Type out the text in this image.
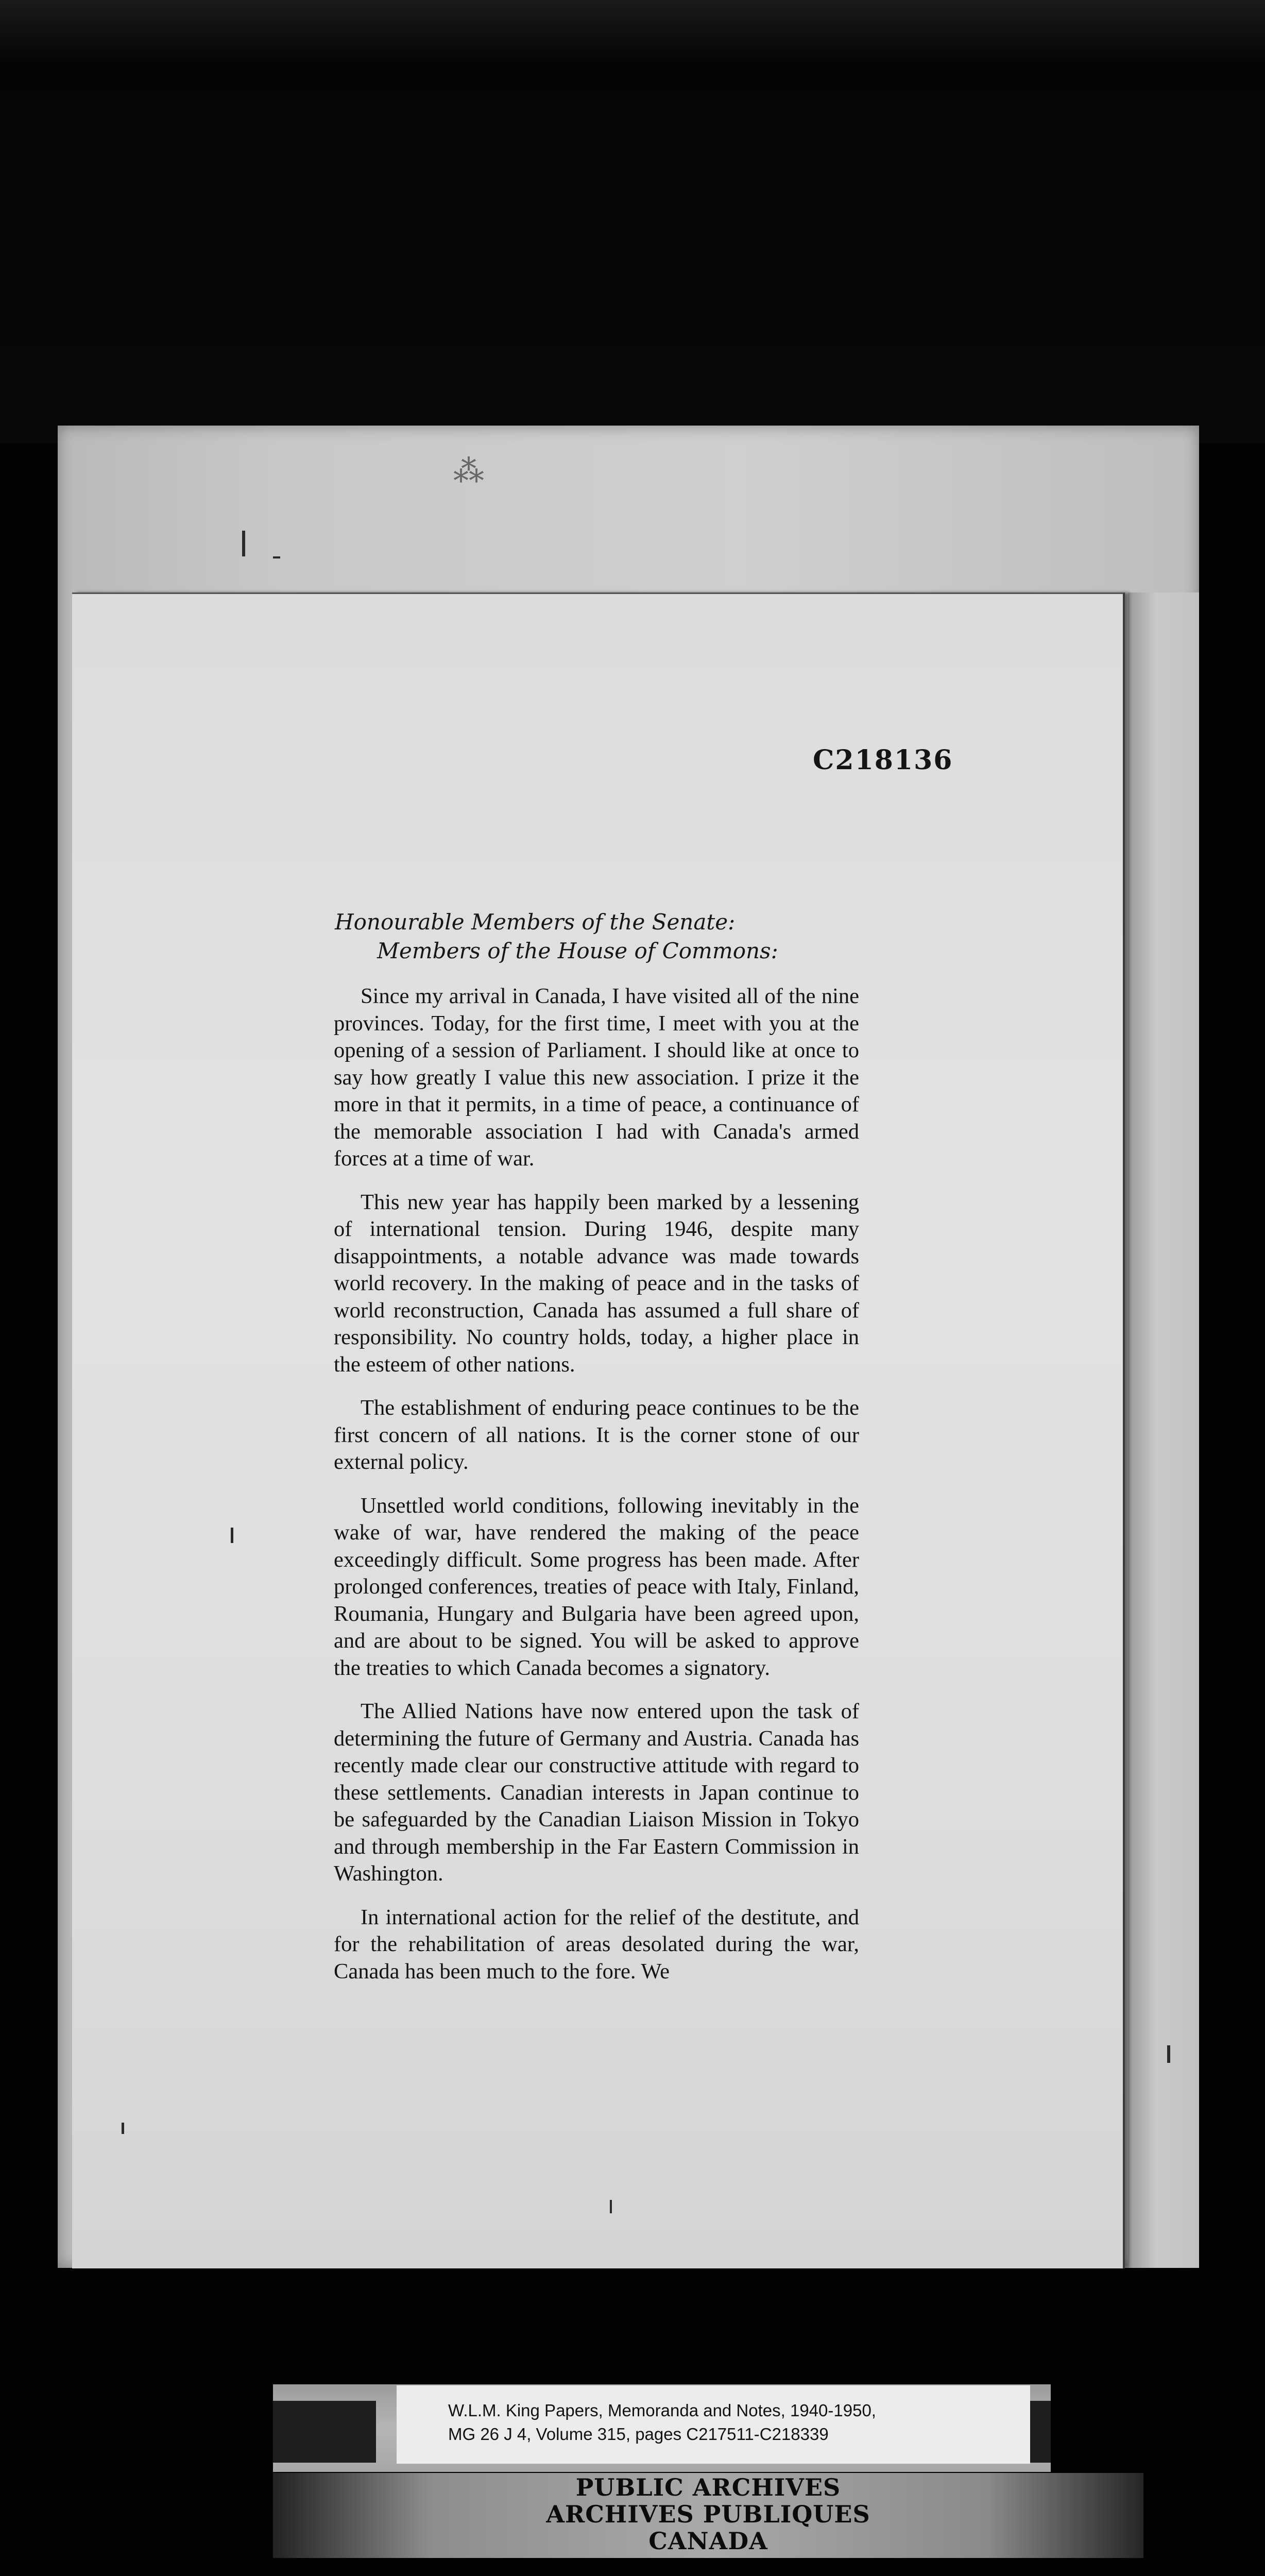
⁂
C218136
Honourable Members of the Senate:
Members of the House of Commons:

Since my arrival in Canada, I have visited all of the nine provinces. Today, for the first time, I meet with you at the opening of a session of Parliament. I should like at once to say how greatly I value this new association. I prize it the more in that it permits, in a time of peace, a continuance of the memorable association I had with Canada's armed forces at a time of war.

This new year has happily been marked by a lessening of international tension. During 1946, despite many disappointments, a notable advance was made towards world recovery. In the making of peace and in the tasks of world reconstruction, Canada has assumed a full share of responsibility. No country holds, today, a higher place in the esteem of other nations.

The establishment of enduring peace continues to be the first concern of all nations. It is the corner stone of our external policy.

Unsettled world conditions, following inevitably in the wake of war, have rendered the making of the peace exceedingly difficult. Some progress has been made. After prolonged conferences, treaties of peace with Italy, Finland, Roumania, Hungary and Bulgaria have been agreed upon, and are about to be signed. You will be asked to approve the treaties to which Canada becomes a signatory.

The Allied Nations have now entered upon the task of determining the future of Germany and Austria. Canada has recently made clear our constructive attitude with regard to these settlements. Canadian interests in Japan continue to be safeguarded by the Canadian Liaison Mission in Tokyo and through membership in the Far Eastern Commission in Washington.

In international action for the relief of the destitute, and for the rehabilitation of areas desolated during the war, Canada has been much to the fore. We

W.L.M. King Papers, Memoranda and Notes, 1940-1950,
MG 26 J 4, Volume 315, pages C217511-C218339
PUBLIC ARCHIVES
ARCHIVES PUBLIQUES
CANADA
